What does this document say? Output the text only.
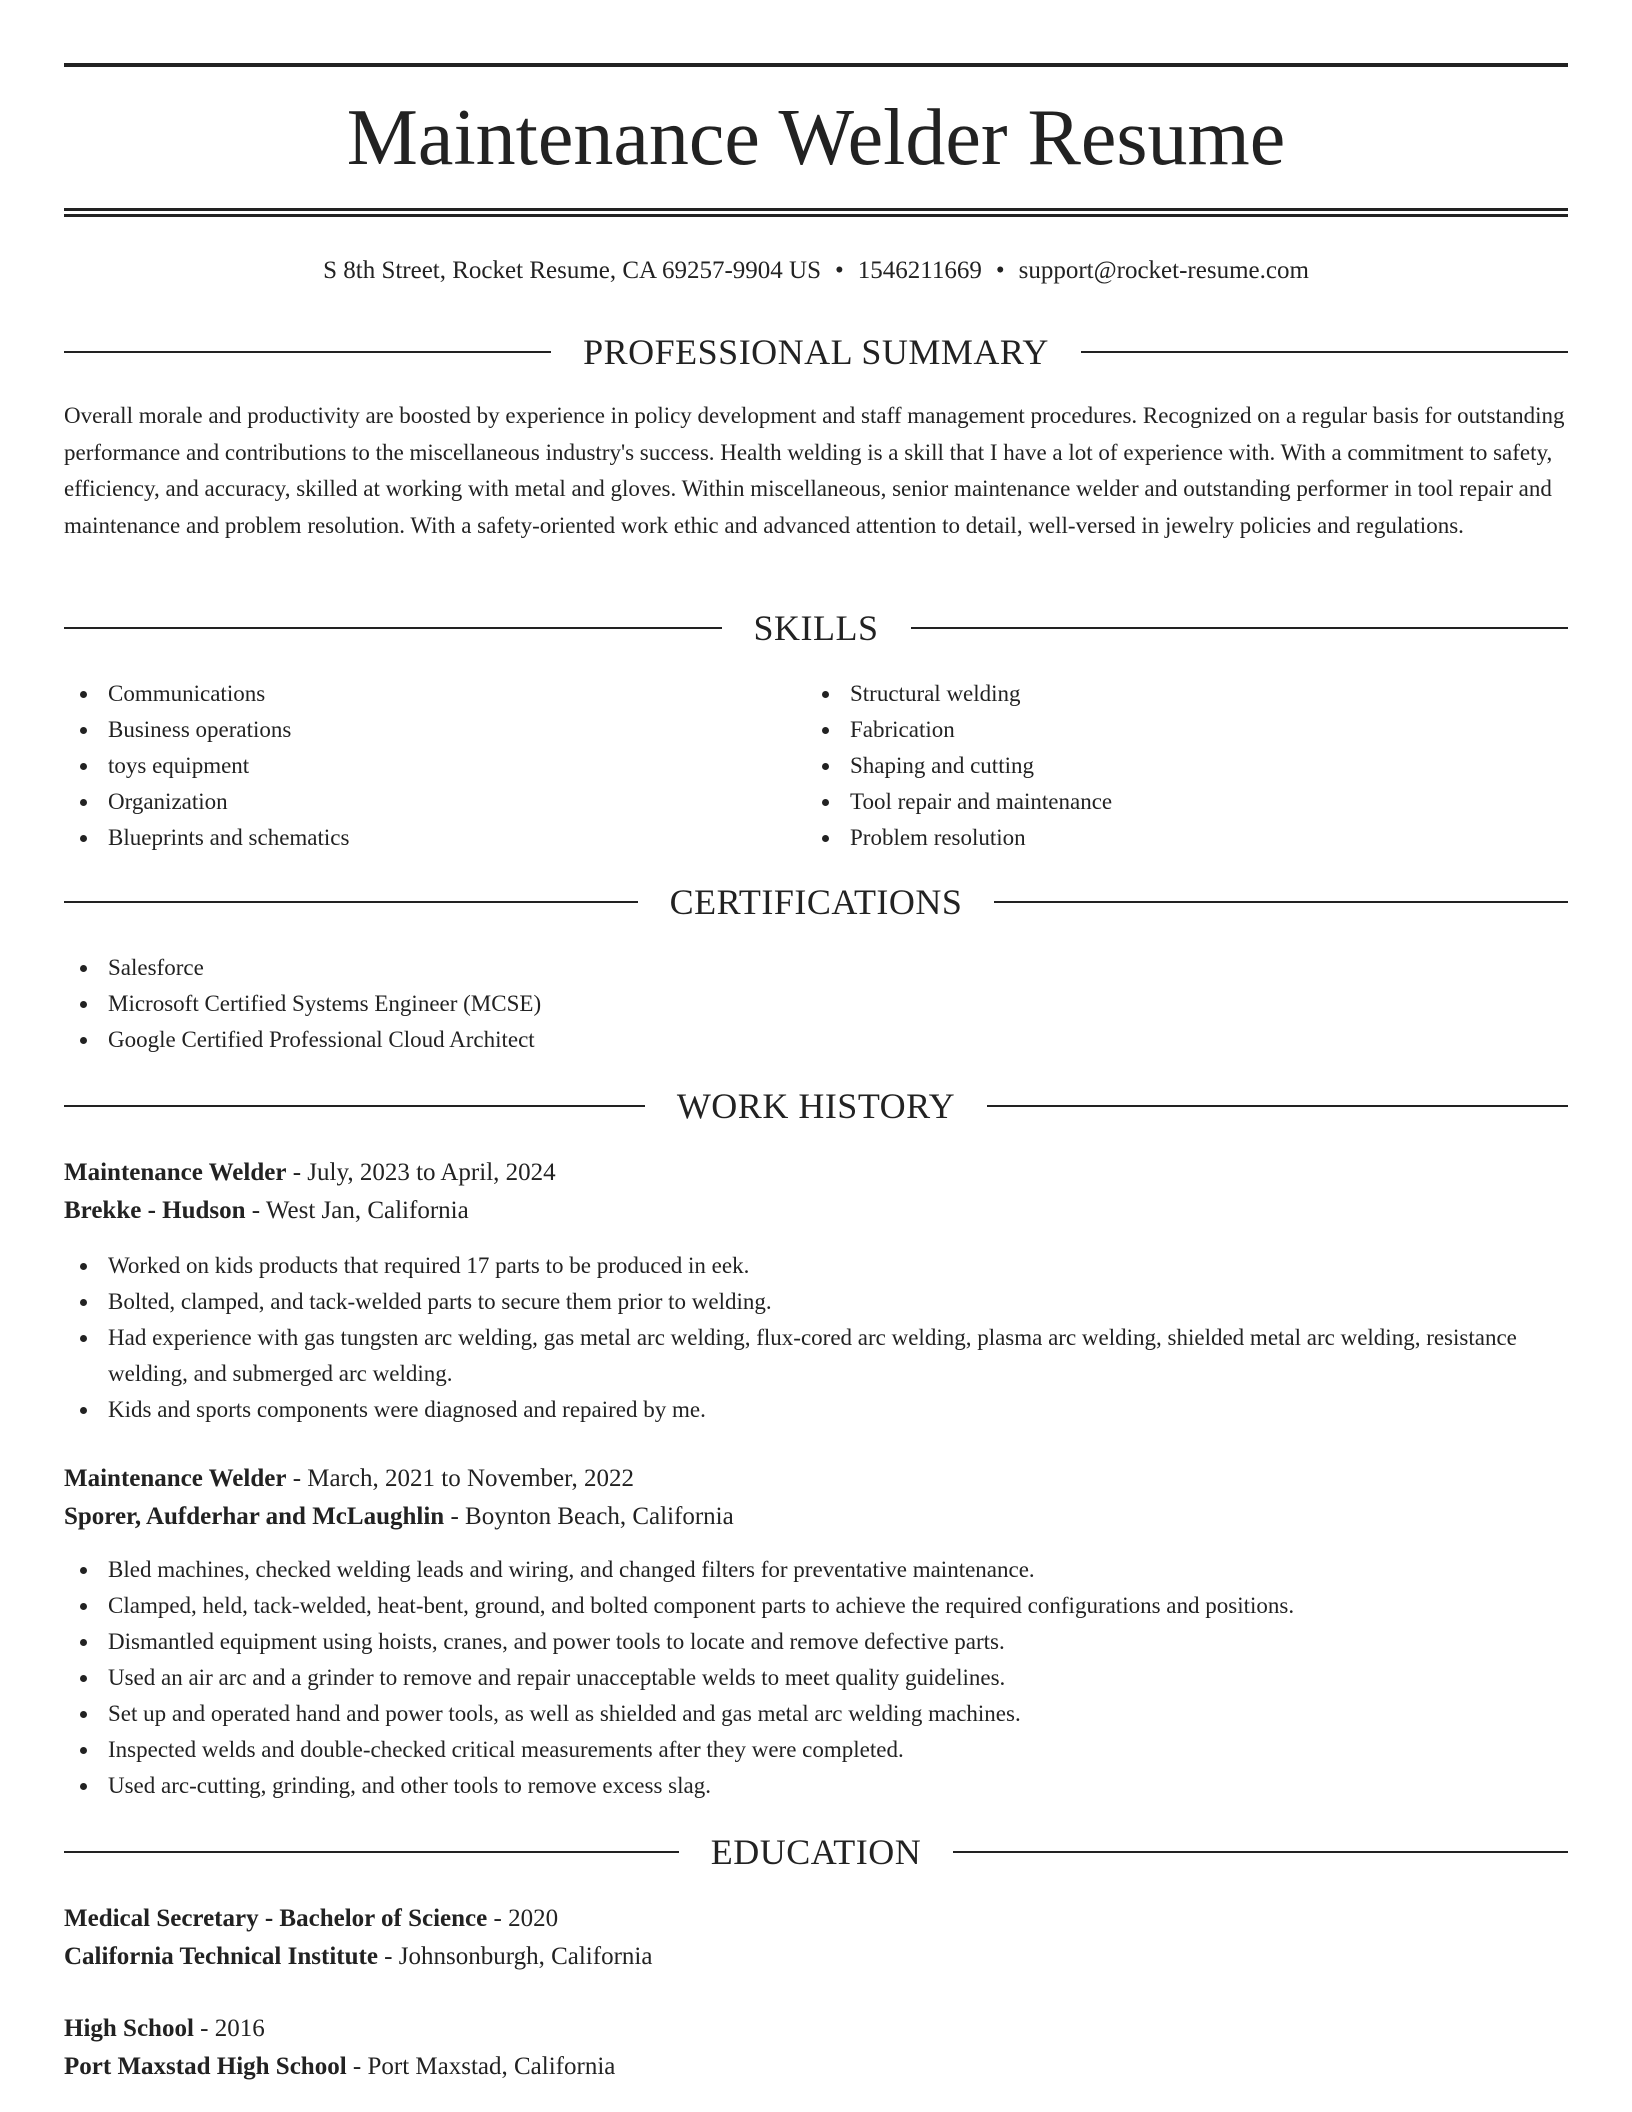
Maintenance Welder Resume
S 8th Street, Rocket Resume, CA 69257-9904 US • 1546211669 • support@rocket-resume.com
PROFESSIONAL SUMMARY

Overall morale and productivity are boosted by experience in policy development and staff management procedures. Recognized on a regular basis for outstanding performance and contributions to the miscellaneous industry's success. Health welding is a skill that I have a lot of experience with. With a commitment to safety, efficiency, and accuracy, skilled at working with metal and gloves. Within miscellaneous, senior maintenance welder and outstanding performer in tool repair and maintenance and problem resolution. With a safety-oriented work ethic and advanced attention to detail, well-versed in jewelry policies and regulations.

SKILLS
Communications
Business operations
toys equipment
Organization
Blueprints and schematics
Structural welding
Fabrication
Shaping and cutting
Tool repair and maintenance
Problem resolution
CERTIFICATIONS
Salesforce
Microsoft Certified Systems Engineer (MCSE)
Google Certified Professional Cloud Architect
WORK HISTORY
Maintenance Welder - July, 2023 to April, 2024
Brekke - Hudson - West Jan, California
Worked on kids products that required 17 parts to be produced in eek.
Bolted, clamped, and tack-welded parts to secure them prior to welding.
Had experience with gas tungsten arc welding, gas metal arc welding, flux-cored arc welding, plasma arc welding, shielded metal arc welding, resistance welding, and submerged arc welding.
Kids and sports components were diagnosed and repaired by me.
Maintenance Welder - March, 2021 to November, 2022
Sporer, Aufderhar and McLaughlin - Boynton Beach, California
Bled machines, checked welding leads and wiring, and changed filters for preventative maintenance.
Clamped, held, tack-welded, heat-bent, ground, and bolted component parts to achieve the required configurations and positions.
Dismantled equipment using hoists, cranes, and power tools to locate and remove defective parts.
Used an air arc and a grinder to remove and repair unacceptable welds to meet quality guidelines.
Set up and operated hand and power tools, as well as shielded and gas metal arc welding machines.
Inspected welds and double-checked critical measurements after they were completed.
Used arc-cutting, grinding, and other tools to remove excess slag.
EDUCATION
Medical Secretary - Bachelor of Science - 2020
California Technical Institute - Johnsonburgh, California
High School - 2016
Port Maxstad High School - Port Maxstad, California
